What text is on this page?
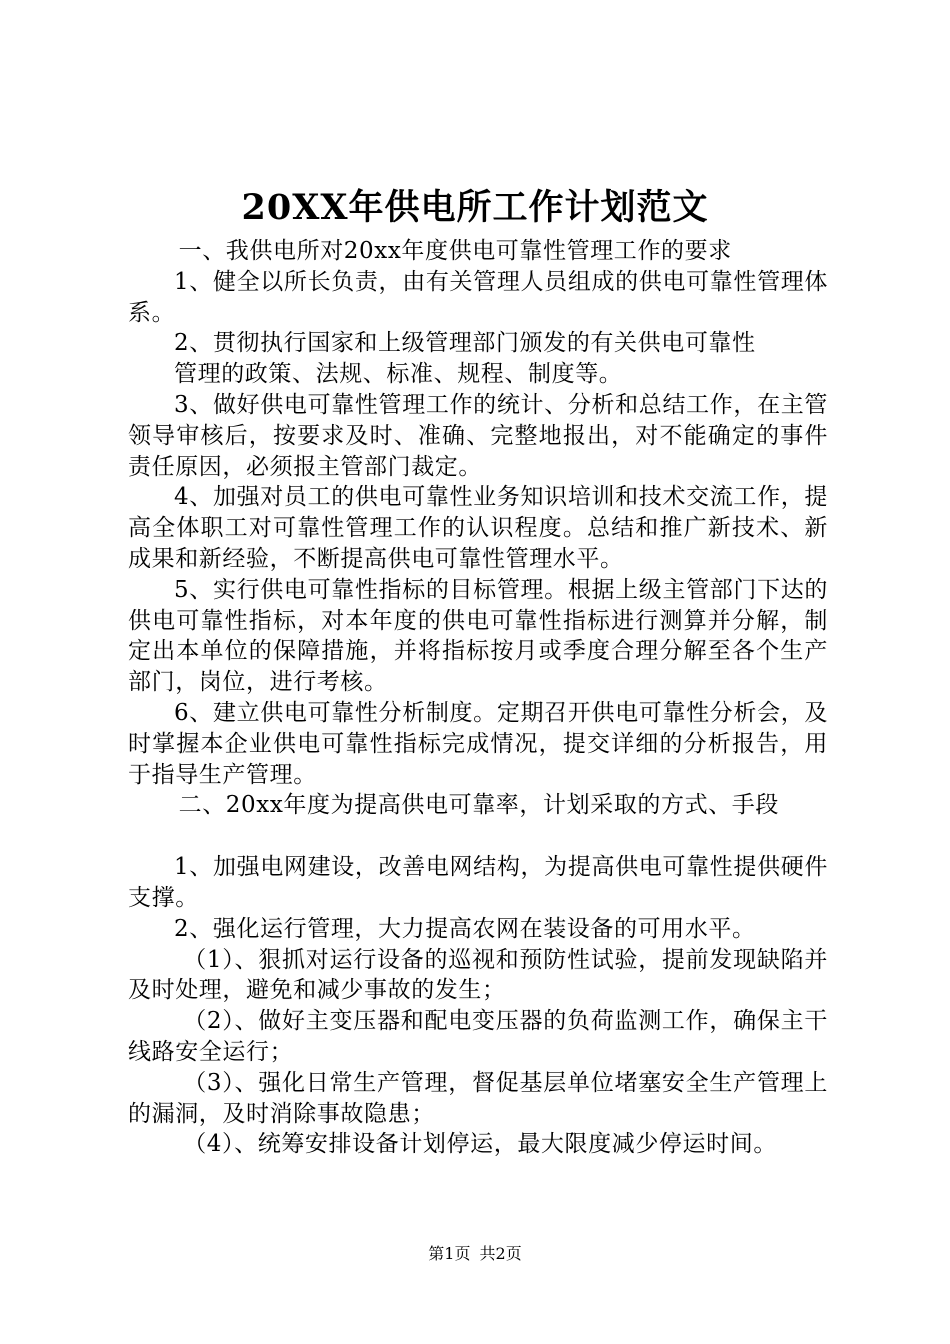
20XX年供电所工作计划范文

一、我供电所对20xx年度供电可靠性管理工作的要求

1、健全以所长负责，由有关管理人员组成的供电可靠性管理体系。

2、贯彻执行国家和上级管理部门颁发的有关供电可靠性

管理的政策、法规、标准、规程、制度等。

3、做好供电可靠性管理工作的统计、分析和总结工作，在主管领导审核后，按要求及时、准确、完整地报出，对不能确定的事件责任原因，必须报主管部门裁定。

4、加强对员工的供电可靠性业务知识培训和技术交流工作，提高全体职工对可靠性管理工作的认识程度。总结和推广新技术、新成果和新经验，不断提高供电可靠性管理水平。

5、实行供电可靠性指标的目标管理。根据上级主管部门下达的供电可靠性指标，对本年度的供电可靠性指标进行测算并分解，制定出本单位的保障措施，并将指标按月或季度合理分解至各个生产部门，岗位，进行考核。

6、建立供电可靠性分析制度。定期召开供电可靠性分析会，及时掌握本企业供电可靠性指标完成情况，提交详细的分析报告，用于指导生产管理。

二、20xx年度为提高供电可靠率，计划采取的方式、手段

1、加强电网建设，改善电网结构，为提高供电可靠性提供硬件支撑。

2、强化运行管理，大力提高农网在装设备的可用水平。

（1）、狠抓对运行设备的巡视和预防性试验，提前发现缺陷并及时处理，避免和减少事故的发生；

（2）、做好主变压器和配电变压器的负荷监测工作，确保主干线路安全运行；

（3）、强化日常生产管理，督促基层单位堵塞安全生产管理上的漏洞，及时消除事故隐患；

（4）、统筹安排设备计划停运，最大限度减少停运时间。

第1页 共2页
